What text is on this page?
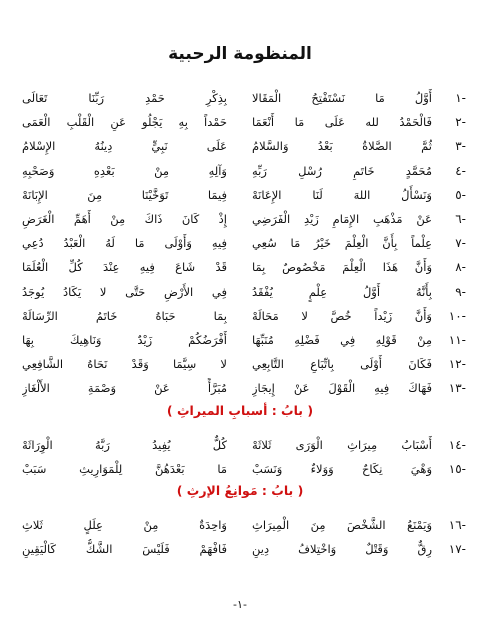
المنظومة الرحبية
-١
أَوَّلُ مَا نَسْتَفْتِحُ الْمَقَالا
بِذِكْرِ حَمْدِ رَبِّنَا تَعَالَى
-٢
فَالْحَمْدُ لله عَلَى مَا أَنْعَمَا
حَمْداً بِهِ يَجْلُو عَنِ الْقَلْبِ الْعَمَى
-٣
ثُمَّ الصَّلاةُ بَعْدُ وَالسَّلامُ
عَلَى نَبِيٍّ دِينُهُ الإِسْلامُ
-٤
مُحَمَّدٍ خَاتَمِ رُسْلِ رَبِّهِ
وَآلِهِ مِنْ بَعْدِهِ وَصَحْبِهِ
-٥
وَنَسْأَلُ اللهَ لَنَا الإِعَانَهْ
فِيمَا تَوَخَّيْنَا مِنَ الإِبَانَهْ
-٦
عَنْ مَذْهَبِ الإِمَامِ زَيْدِ الْفَرَضِي
إِذْ كَانَ ذَاكَ مِنْ أَهَمِّ الْغَرَضِ
-٧
عِلْماً بِأَنَّ الْعِلْمَ خَيْرُ مَا سُعِي
فِيهِ وَأَوْلَى مَا لَهُ الْعَبْدُ دُعِي
-٨
وَأَنَّ هَذَا الْعِلْمَ مَخْصُوصٌ بِمَا
قَدْ شَاعَ فِيهِ عِنْدَ كُلِّ الْعُلَمَا
-٩
بِأَنَّهُ أَوَّلُ عِلْمٍ يُفْقَدُ
فِي الأَرْضِ حَتَّى لا يَكَادُ يُوجَدُ
-١٠
وَأَنَّ زَيْداً خُصَّ لا مَحَالَهْ
بِمَا حَبَاهُ خَاتَمُ الرِّسَالَهْ
-١١
مِنْ قَوْلِهِ فِي فَضْلِهِ مُنَبِّهَا
أَفْرَضُكُمْ زَيْدٌ وَنَاهِيكَ بِهَا
-١٢
فَكَانَ أَوْلَى بِاتِّبَاعِ التَّابِعِي
لا سِيَّمَا وَقَدْ نَحَاهُ الشَّافِعِي
-١٣
فَهَاكَ فِيهِ الْقَوْلَ عَنْ إِيجَازِ
مُبَرَّأً عَنْ وَصْمَةِ الأَلْغَازِ
( بابُ : أسبابِ الميراثِ )
-١٤
أَسْبَابُ مِيرَاثِ الْوَرَى ثَلاثَهْ
كُلٌّ يُفِيدُ رَبَّهُ الْوِرَاثَهْ
-١٥
وَهْيَ نِكَاحٌ وَوَلاءٌ وَنَسَبْ
مَا بَعْدَهُنَّ لِلْمَوَارِيثِ سَبَبْ
( بابُ : مَوانِعُ الإرثِ )
-١٦
وَيَمْنَعُ الشَّخْصَ مِنَ الْمِيرَاثِ
وَاحِدَةٌ مِنْ عِلَلٍ ثَلاثِ
-١٧
رِقٌّ وَقَتْلٌ وَاخْتِلافُ دِينِ
فَافْهَمْ فَلَيْسَ الشَّكُّ كَالْيَقِينِ
-١-
